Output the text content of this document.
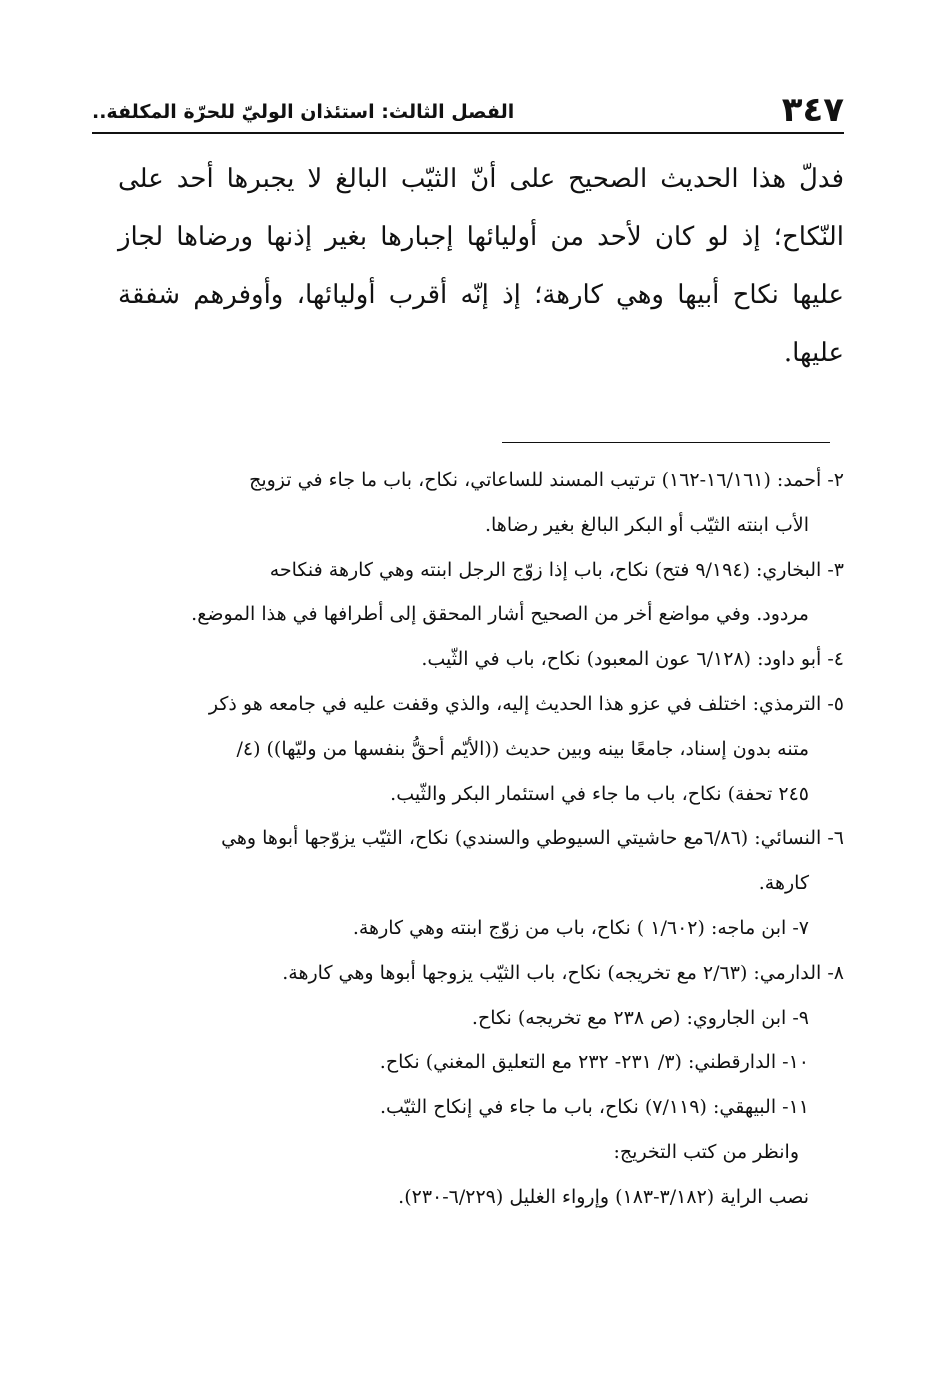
٣٤٧
الفصل الثالث: استئذان الوليّ للحرّة المكلفة..

فدلّ هذا الحديث الصحيح على أنّ الثيّب البالغ لا يجبرها أحد على النّكاح؛ إذ لو كان لأحد من أوليائها إجبارها بغير إذنها ورضاها لجاز عليها نكاح أبيها وهي كارهة؛ إذ إنّه أقرب أوليائها، وأوفرهم شفقة عليها.

٢- أحمد: (١٦/١٦١-١٦٢) ترتيب المسند للساعاتي، نكاح، باب ما جاء في تزويج
الأب ابنته الثيّب أو البكر البالغ بغير رضاها.
٣- البخاري: (٩/١٩٤ فتح) نكاح، باب إذا زوّج الرجل ابنته وهي كارهة فنكاحه
مردود. وفي مواضع أخر من الصحيح أشار المحقق إلى أطرافها في هذا الموضع.
٤- أبو داود: (٦/١٢٨ عون المعبود) نكاح، باب في الثّيب.
٥- الترمذي: اختلف في عزو هذا الحديث إليه، والذي وقفت عليه في جامعه هو ذكر
متنه بدون إسناد، جامعًا بينه وبين حديث ((الأيّم أحقُّ بنفسها من وليّها)) (٤/
٢٤٥ تحفة) نكاح، باب ما جاء في استئمار البكر والثّيب.
٦- النسائي: (٦/٨٦مع حاشيتي السيوطي والسندي) نكاح، الثيّب يزوّجها أبوها وهي
كارهة.
٧- ابن ماجه: (١/٦٠٢ ) نكاح، باب من زوّج ابنته وهي كارهة.
٨- الدارمي: (٢/٦٣ مع تخريجه) نكاح، باب الثيّب يزوجها أبوها وهي كارهة.
٩- ابن الجاروي: (ص ٢٣٨ مع تخريجه) نكاح.
١٠- الدارقطني: (٣/ ٢٣١- ٢٣٢ مع التعليق المغني) نكاح.
١١- البيهقي: (٧/١١٩) نكاح، باب ما جاء في إنكاح الثيّب.
وانظر من كتب التخريج:
نصب الراية (٣/١٨٢-١٨٣) وإرواء الغليل (٦/٢٢٩-٢٣٠).
